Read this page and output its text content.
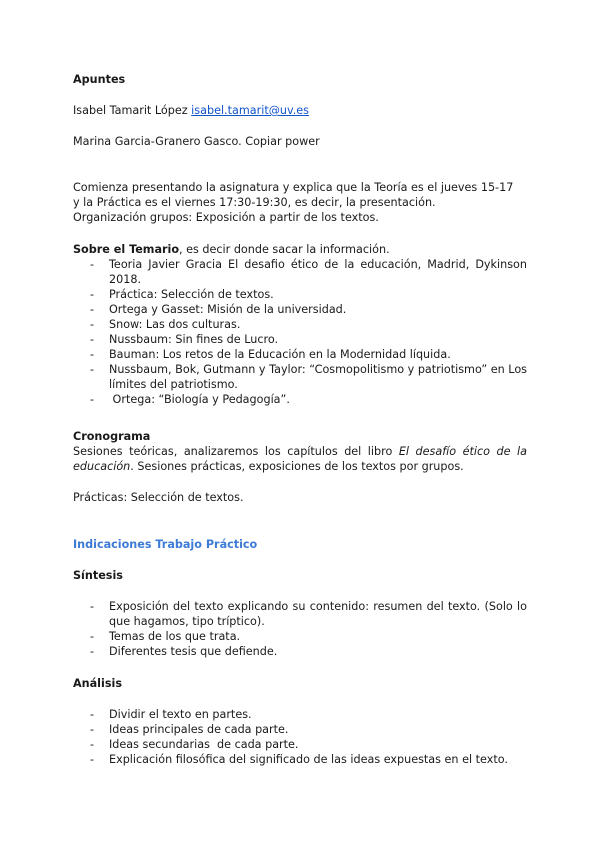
Apuntes
Isabel Tamarit López isabel.tamarit@uv.es
Marina Garcia-Granero Gasco. Copiar power
Comienza presentando la asignatura y explica que la Teoría es el jueves 15-17
y la Práctica es el viernes 17:30-19:30, es decir, la presentación.
Organización grupos: Exposición a partir de los textos.
Sobre el Temario, es decir donde sacar la información.
- Teoria Javier Gracia El desafio ético de la educación, Madrid, Dykinson 2018.
- Práctica: Selección de textos.
- Ortega y Gasset: Misión de la universidad.
- Snow: Las dos culturas.
- Nussbaum: Sin fines de Lucro.
- Bauman: Los retos de la Educación en la Modernidad líquida.
- Nussbaum, Bok, Gutmann y Taylor: “Cosmopolitismo y patriotismo” en Los límites del patriotismo.
-  Ortega: “Biología y Pedagogía”.
Cronograma
Sesiones teóricas, analizaremos los capítulos del libro El desafío ético de la educación. Sesiones prácticas, exposiciones de los textos por grupos.
Prácticas: Selección de textos.
Indicaciones Trabajo Práctico
Síntesis
- Exposición del texto explicando su contenido: resumen del texto. (Solo lo que hagamos, tipo tríptico).
- Temas de los que trata.
- Diferentes tesis que defiende.
Análisis
- Dividir el texto en partes.
- Ideas principales de cada parte.
- Ideas secundarias  de cada parte.
- Explicación filosófica del significado de las ideas expuestas en el texto.
